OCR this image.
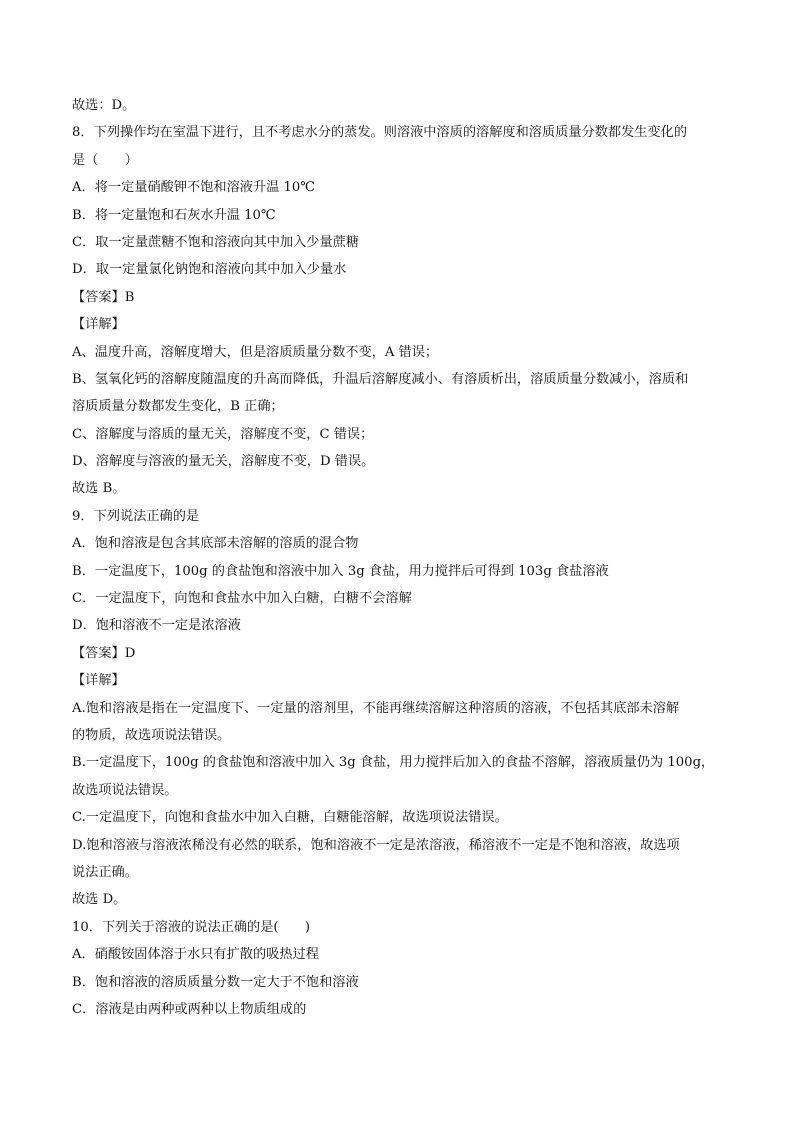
故选：D。
8．下列操作均在室温下进行，且不考虑水分的蒸发。则溶液中溶质的溶解度和溶质质量分数都发生变化的
是（　　）
A．将一定量硝酸钾不饱和溶液升温 10℃
B．将一定量饱和石灰水升温 10℃
C．取一定量蔗糖不饱和溶液向其中加入少量蔗糖
D．取一定量氯化钠饱和溶液向其中加入少量水
【答案】B
【详解】
A、温度升高，溶解度增大，但是溶质质量分数不变，A 错误；
B、氢氧化钙的溶解度随温度的升高而降低，升温后溶解度减小、有溶质析出，溶质质量分数减小，溶质和
溶质质量分数都发生变化，B 正确；
C、溶解度与溶质的量无关，溶解度不变，C 错误；
D、溶解度与溶液的量无关，溶解度不变，D 错误。
故选 B。
9．下列说法正确的是
A．饱和溶液是包含其底部未溶解的溶质的混合物
B．一定温度下，100g 的食盐饱和溶液中加入 3g 食盐，用力搅拌后可得到 103g 食盐溶液
C．一定温度下，向饱和食盐水中加入白糖，白糖不会溶解
D．饱和溶液不一定是浓溶液
【答案】D
【详解】
A.饱和溶液是指在一定温度下、一定量的溶剂里，不能再继续溶解这种溶质的溶液，不包括其底部未溶解
的物质，故选项说法错误。
B.一定温度下，100g 的食盐饱和溶液中加入 3g 食盐，用力搅拌后加入的食盐不溶解，溶液质量仍为 100g，
故选项说法错误。
C.一定温度下，向饱和食盐水中加入白糖，白糖能溶解，故选项说法错误。
D.饱和溶液与溶液浓稀没有必然的联系，饱和溶液不一定是浓溶液，稀溶液不一定是不饱和溶液，故选项
说法正确。
故选 D。
10．下列关于溶液的说法正确的是(　　)
A．硝酸铵固体溶于水只有扩散的吸热过程
B．饱和溶液的溶质质量分数一定大于不饱和溶液
C．溶液是由两种或两种以上物质组成的
